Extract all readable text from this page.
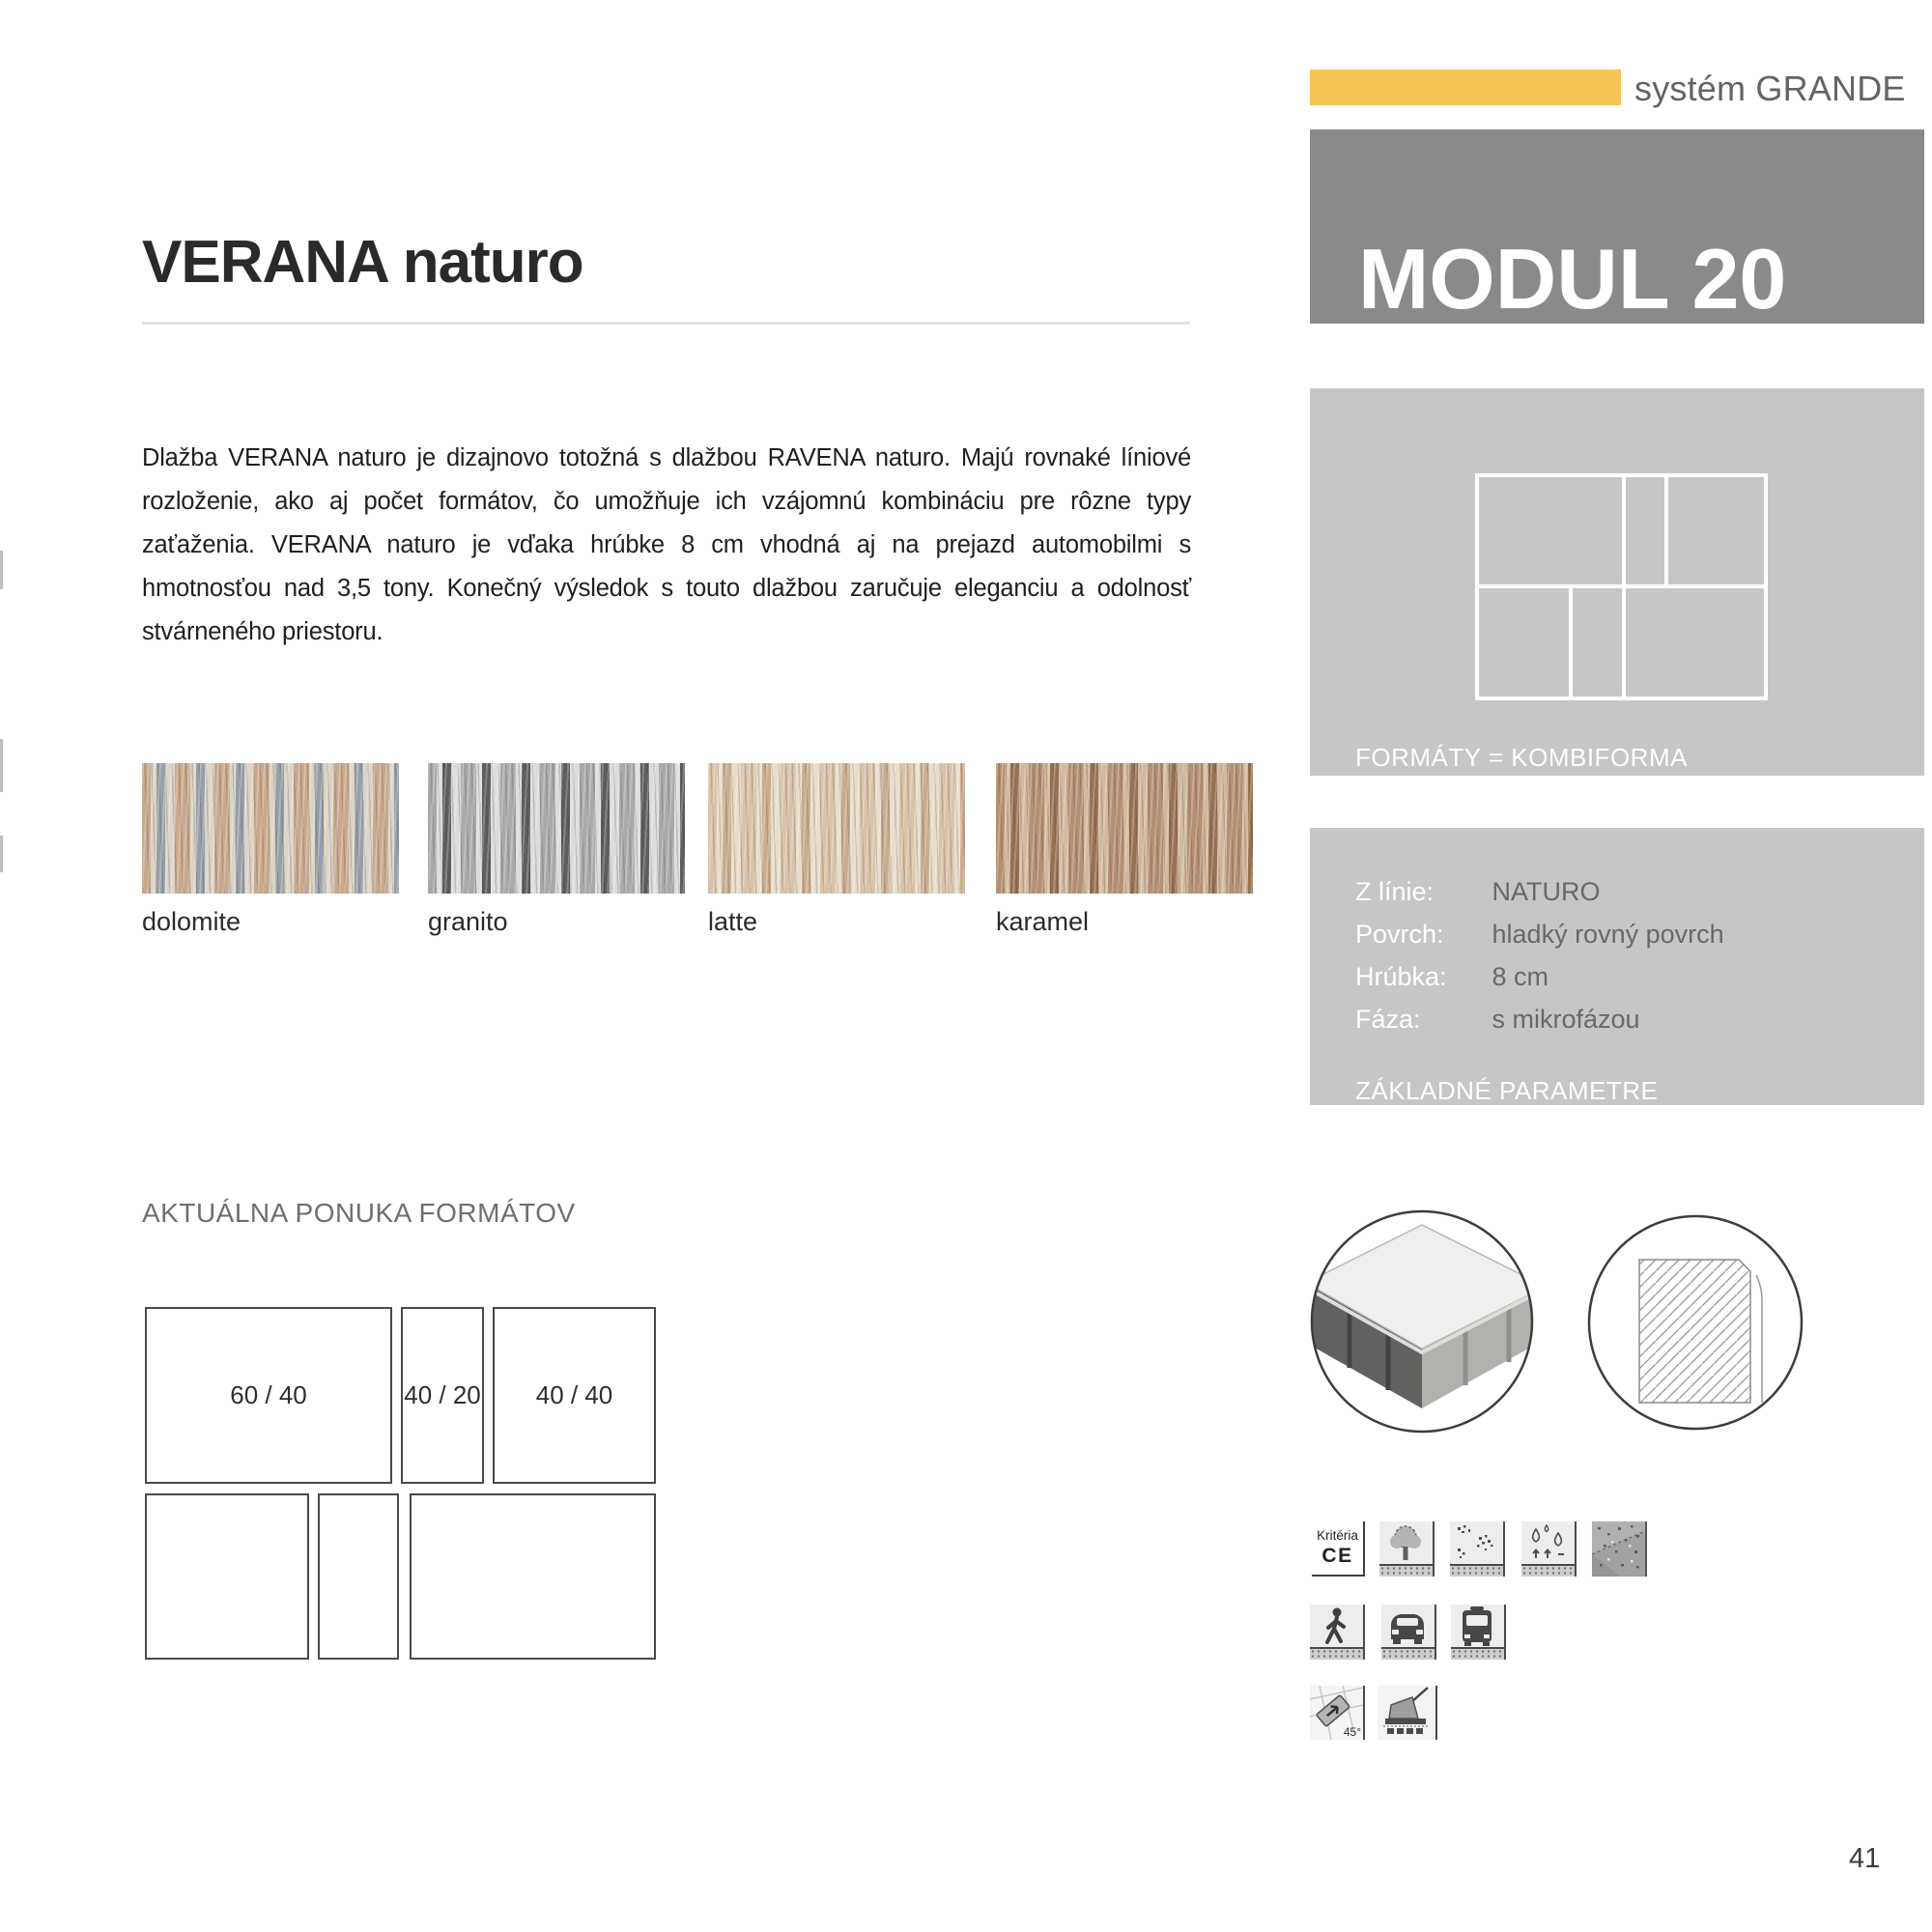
systém GRANDE
MODUL 20
VERANA naturo

Dlažba VERANA naturo je dizajnovo totožná s dlažbou RAVENA naturo. Majú rovnaké líniové rozloženie, ako aj počet formátov, čo umožňuje ich vzájomnú kombináciu pre rôzne typy zaťaženia. VERANA naturo je vďaka hrúbke 8 cm vhodná aj na prejazd automobilmi s hmotnosťou nad 3,5 tony. Konečný výsledok s touto dlažbou zaručuje eleganciu a odolnosť stvárneného priestoru.

dolomite	granito	latte	karamel
AKTUÁLNA PONUKA FORMÁTOV
60 / 40	40 / 20 40 / 40
FORMÁTY = KOMBIFORMA
Z línie: NATURO
Povrch: hladký rovný povrch
Hrúbka: 8 cm
Fáza:	s mikrofázou
ZÁKLADNÉ PARAMETRE
Kritéria
CE
45°
41
